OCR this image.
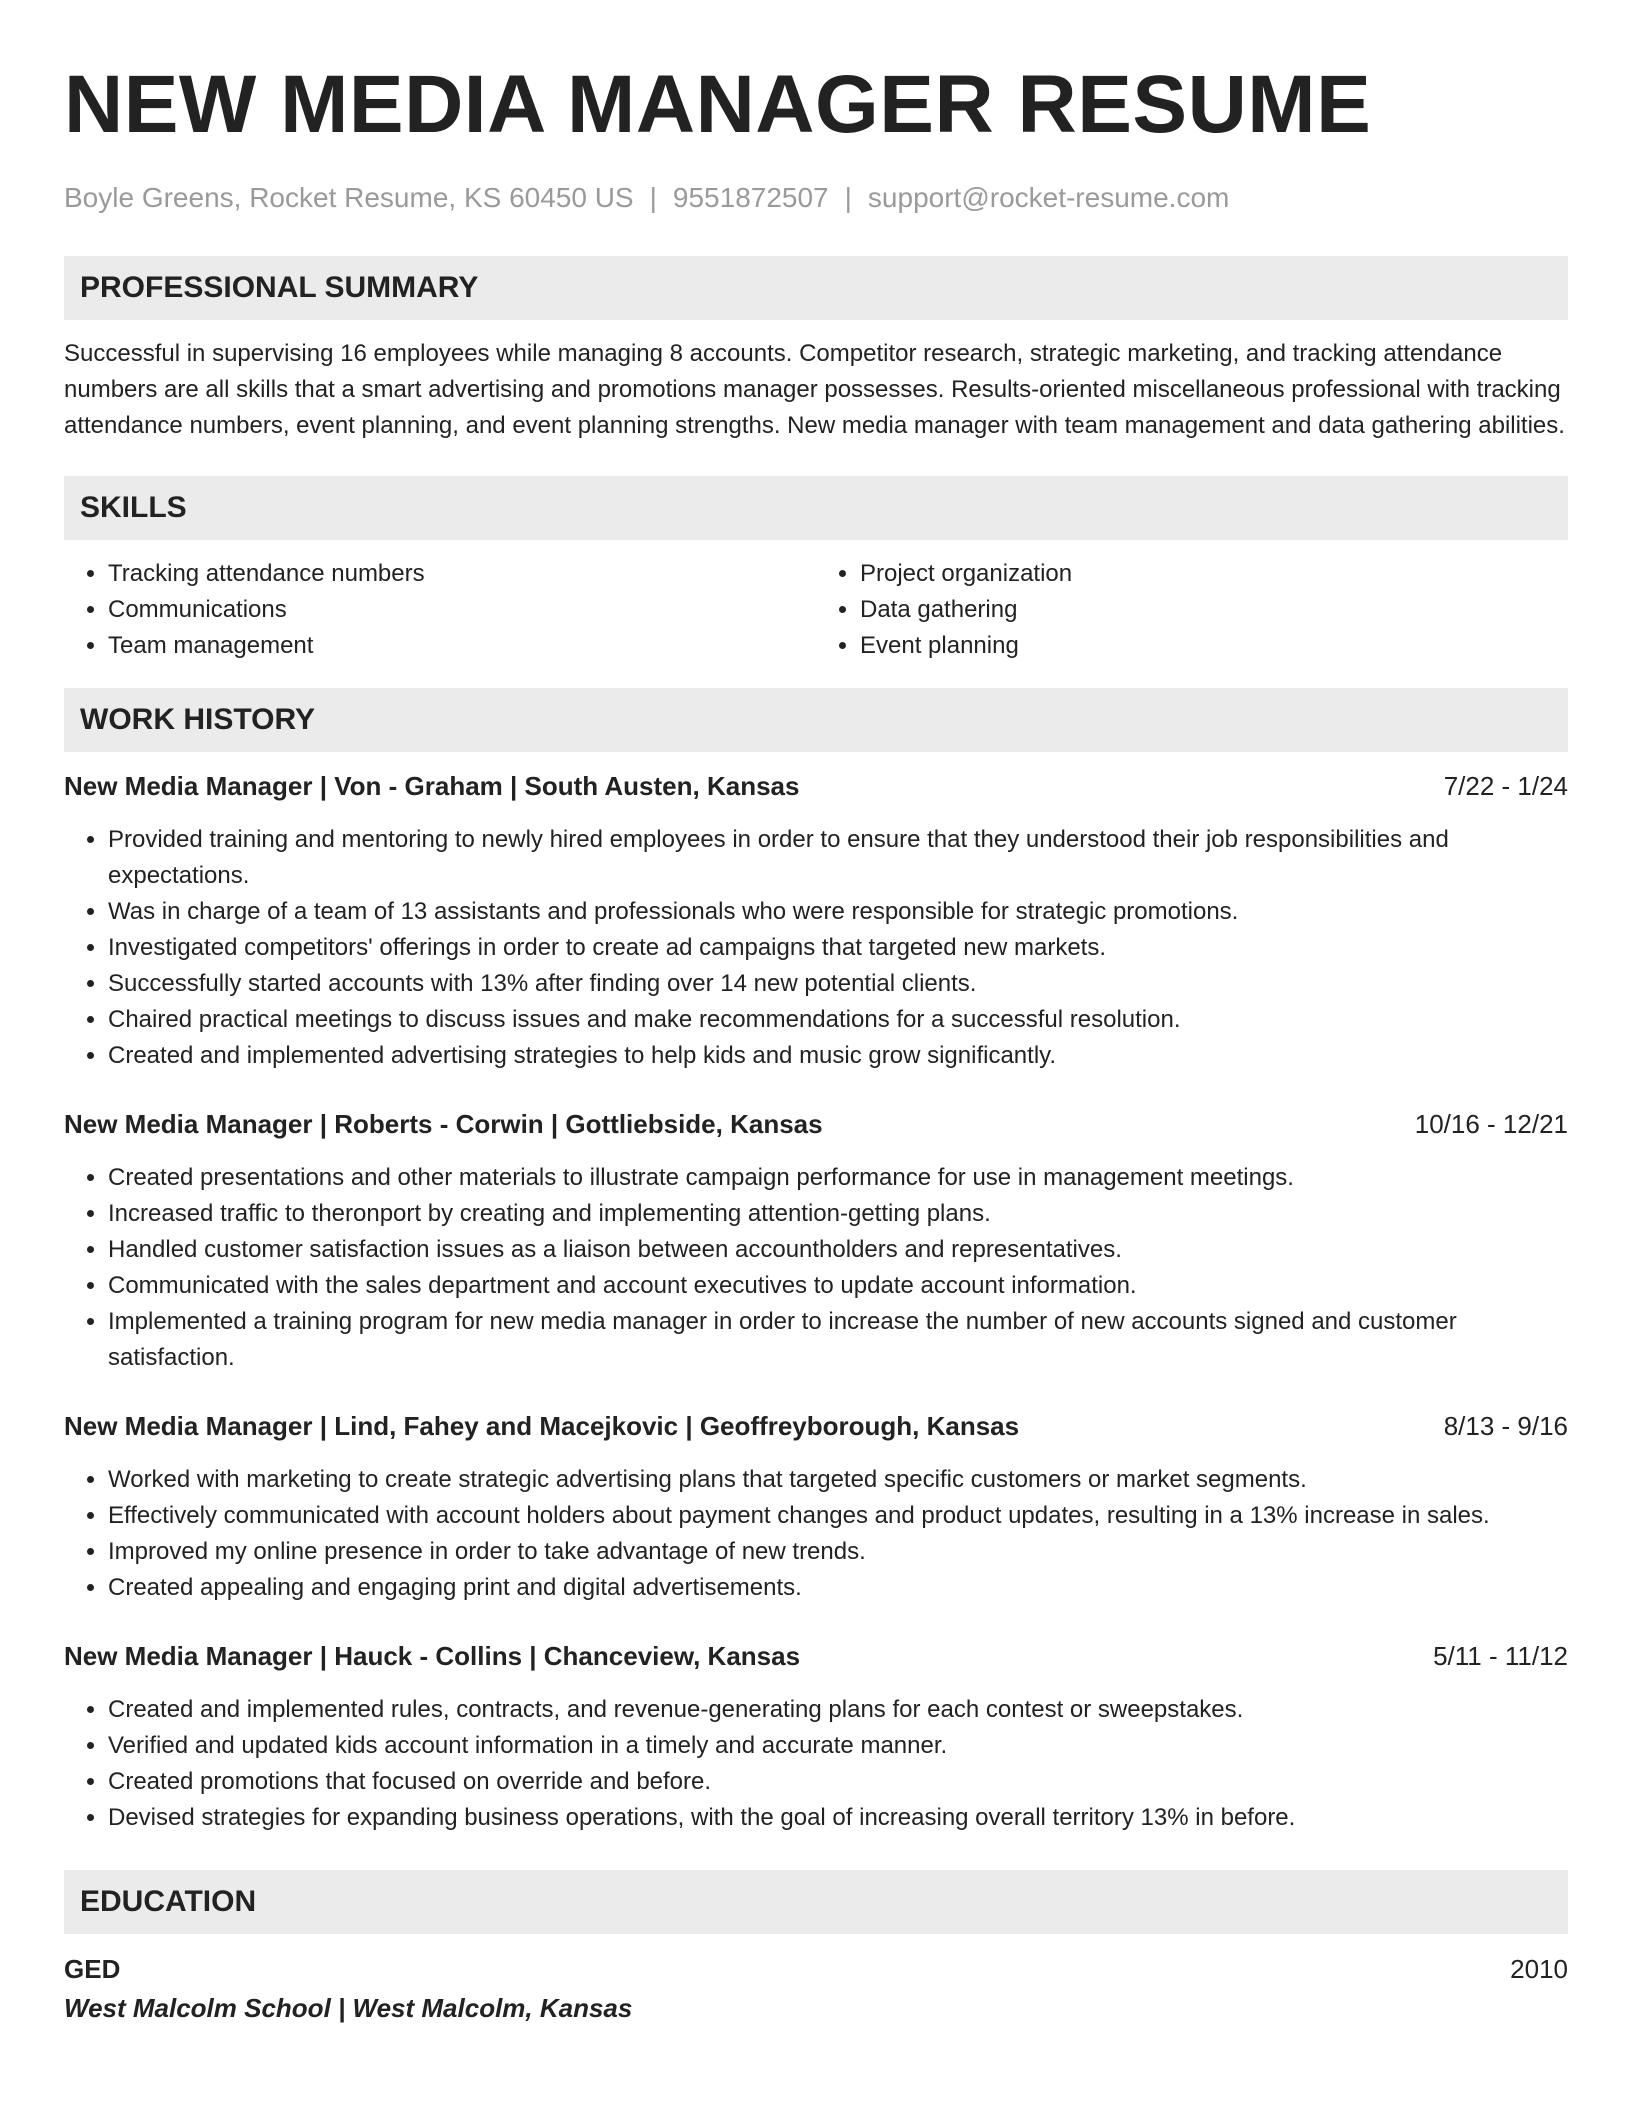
NEW MEDIA MANAGER RESUME
Boyle Greens, Rocket Resume, KS 60450 US | 9551872507 | support@rocket-resume.com
PROFESSIONAL SUMMARY

Successful in supervising 16 employees while managing 8 accounts. Competitor research, strategic marketing, and tracking attendance numbers are all skills that a smart advertising and promotions manager possesses. Results-oriented miscellaneous professional with tracking attendance numbers, event planning, and event planning strengths. New media manager with team management and data gathering abilities.

SKILLS
• Tracking attendance numbers
• Communications
• Team management
• Project organization
• Data gathering
• Event planning
WORK HISTORY
New Media Manager | Von - Graham | South Austen, Kansas	7/22 - 1/24
• Provided training and mentoring to newly hired employees in order to ensure that they understood their job responsibilities and expectations.
• Was in charge of a team of 13 assistants and professionals who were responsible for strategic promotions.
• Investigated competitors' offerings in order to create ad campaigns that targeted new markets.
• Successfully started accounts with 13% after finding over 14 new potential clients.
• Chaired practical meetings to discuss issues and make recommendations for a successful resolution.
• Created and implemented advertising strategies to help kids and music grow significantly.
New Media Manager | Roberts - Corwin | Gottliebside, Kansas	10/16 - 12/21
• Created presentations and other materials to illustrate campaign performance for use in management meetings.
• Increased traffic to theronport by creating and implementing attention-getting plans.
• Handled customer satisfaction issues as a liaison between accountholders and representatives.
• Communicated with the sales department and account executives to update account information.
• Implemented a training program for new media manager in order to increase the number of new accounts signed and customer satisfaction.
New Media Manager | Lind, Fahey and Macejkovic | Geoffreyborough, Kansas	8/13 - 9/16
• Worked with marketing to create strategic advertising plans that targeted specific customers or market segments.
• Effectively communicated with account holders about payment changes and product updates, resulting in a 13% increase in sales.
• Improved my online presence in order to take advantage of new trends.
• Created appealing and engaging print and digital advertisements.
New Media Manager | Hauck - Collins | Chanceview, Kansas	5/11 - 11/12
• Created and implemented rules, contracts, and revenue-generating plans for each contest or sweepstakes.
• Verified and updated kids account information in a timely and accurate manner.
• Created promotions that focused on override and before.
• Devised strategies for expanding business operations, with the goal of increasing overall territory 13% in before.
EDUCATION
GED	2010
West Malcolm School | West Malcolm, Kansas
